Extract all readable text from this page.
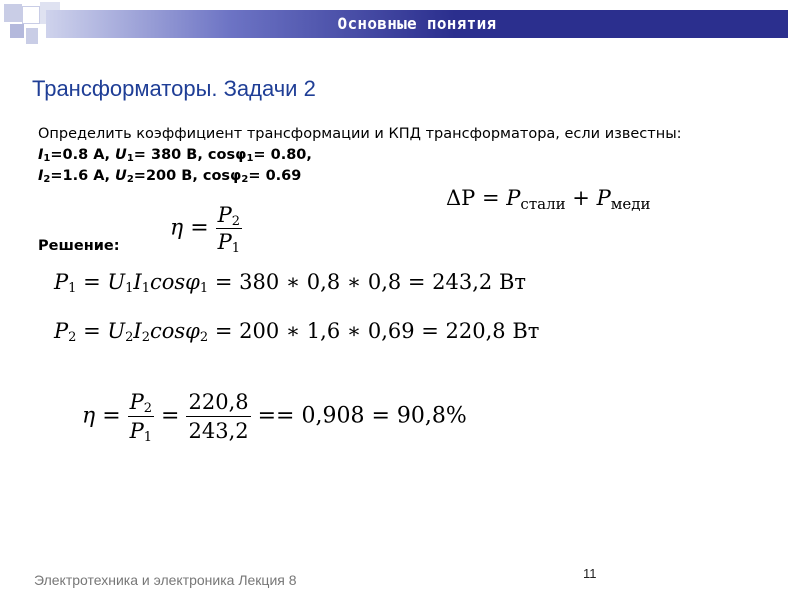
Основные понятия
Трансформаторы. Задачи 2
Определить коэффициент трансформации и КПД трансформатора, если известны:
$I_1=0.8$ А, $U_1= 380$ В, cosφ$_1$= 0.80,
$I_2=1.6$ А, $U_2=200$ В, cosφ$_2$= 0.69
Решение:
$\eta = \frac{P_2}{P_1}$
$\Delta P = P_{стали} + P_{меди}$
$P_1 = U_1I_1\cos\varphi_1 = 380$ ∗ 0,8 ∗ 0,8 = 243,2 Вт
$P_2 = U_2I_2\cos\varphi_2 = 200$ ∗ 1,6 ∗ 0,69 = 220,8 Вт
$\eta = \frac{P_2}{P_1} = \frac{220,8}{243,2} == 0,908 = 90,8\%$
Электротехника и электроника Лекция 8	11
